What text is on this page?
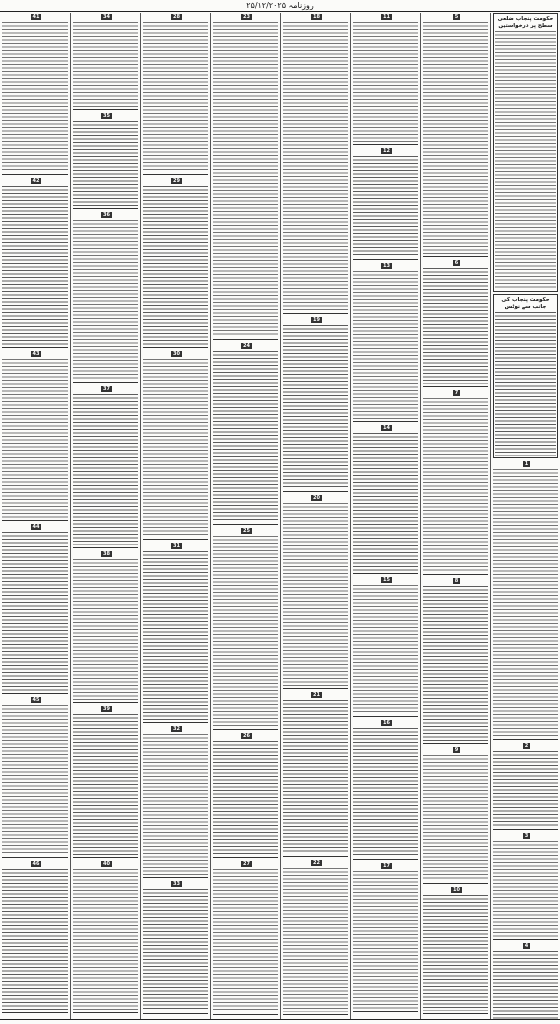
روزنامہ ۲۵/۱۲/۲۰۲۵
حکومت پنجاب ضلعی سطح پر درخواستیں
حکومت پنجاب کی جانب سے نوٹس
1
2
3
4
5
6
7
8
9
10
11
12
13
14
15
16
17
18
19
20
21
22
23
24
25
26
27
28
29
30
31
32
33
34
35
36
37
38
39
40
41
42
43
44
45
46
